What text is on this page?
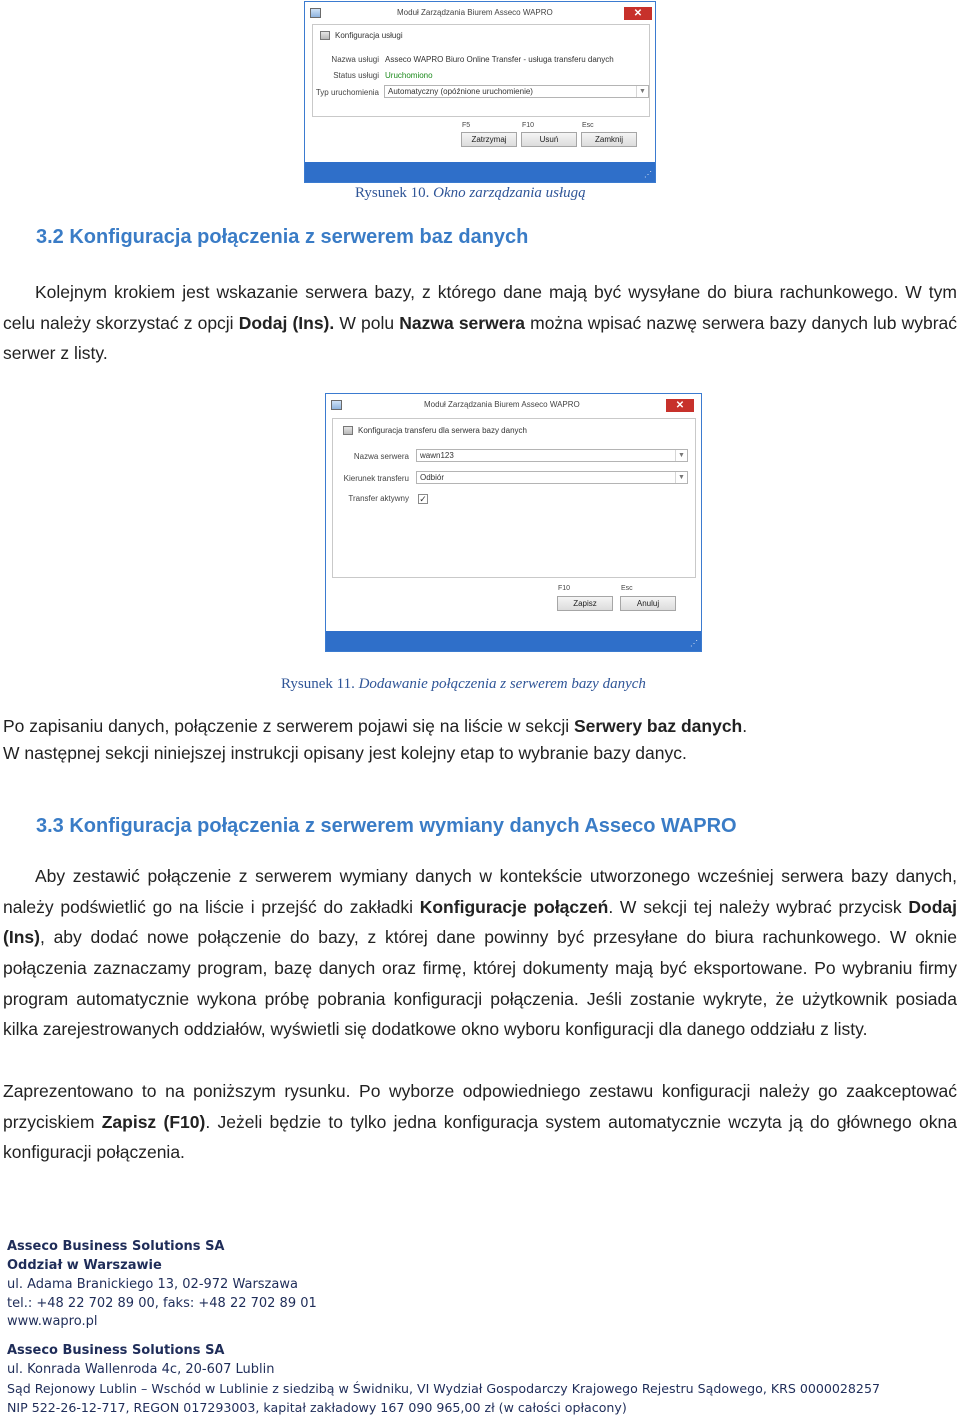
Moduł Zarządzania Biurem Asseco WAPRO	✕
Konfiguracja usługi
Nazwa usługi Asseco WAPRO Biuro Online Transfer - usługa transferu danych
Status usługi Uruchomiono
Typ uruchomienia	Automatyczny (opóźnione uruchomienie)	▼
F5
Zatrzymaj
F10
Usuń
Esc
Zamknij
⋰
Rysunek 10. Okno zarządzania usługą
3.2 Konfiguracja połączenia z serwerem baz danych
Kolejnym krokiem jest wskazanie serwera bazy, z którego dane mają być wysyłane do biura rachunkowego. W tym celu należy skorzystać z opcji Dodaj (Ins). W polu Nazwa serwera można wpisać nazwę serwera bazy danych lub wybrać serwer z listy.
Moduł Zarządzania Biurem Asseco WAPRO	✕
Konfiguracja transferu dla serwera bazy danych
Nazwa serwera	wawn123	▼
Kierunek transferu	Odbiór	▼
Transfer aktywny ✓
F10
Zapisz
Esc
Anuluj
⋰
Rysunek 11. Dodawanie połączenia z serwerem bazy danych
Po zapisaniu danych, połączenie z serwerem pojawi się na liście w sekcji Serwery baz danych.
W następnej sekcji niniejszej instrukcji opisany jest kolejny etap to wybranie bazy danyc.
3.3 Konfiguracja połączenia z serwerem wymiany danych Asseco WAPRO
Aby zestawić połączenie z serwerem wymiany danych w kontekście utworzonego wcześniej serwera bazy danych, należy podświetlić go na liście i przejść do zakładki Konfiguracje połączeń. W sekcji tej należy wybrać przycisk Dodaj (Ins), aby dodać nowe połączenie do bazy, z której dane powinny być przesyłane do biura rachunkowego. W oknie połączenia zaznaczamy program, bazę danych oraz firmę, której dokumenty mają być eksportowane. Po wybraniu firmy program automatycznie wykona próbę pobrania konfiguracji połączenia. Jeśli zostanie wykryte, że użytkownik posiada kilka zarejestrowanych oddziałów, wyświetli się dodatkowe okno wyboru konfiguracji dla danego oddziału z listy.
Zaprezentowano to na poniższym rysunku. Po wyborze odpowiedniego zestawu konfiguracji należy go zaakceptować przyciskiem Zapisz (F10). Jeżeli będzie to tylko jedna konfiguracja system automatycznie wczyta ją do głównego okna konfiguracji połączenia.
Asseco Business Solutions SA
Oddział w Warszawie
ul. Adama Branickiego 13, 02-972 Warszawa
tel.: +48 22 702 89 00, faks: +48 22 702 89 01
www.wapro.pl
Asseco Business Solutions SA
ul. Konrada Wallenroda 4c, 20-607 Lublin
Sąd Rejonowy Lublin – Wschód w Lublinie z siedzibą w Świdniku, VI Wydział Gospodarczy Krajowego Rejestru Sądowego, KRS 0000028257
NIP 522-26-12-717, REGON 017293003, kapitał zakładowy 167 090 965,00 zł (w całości opłacony)
